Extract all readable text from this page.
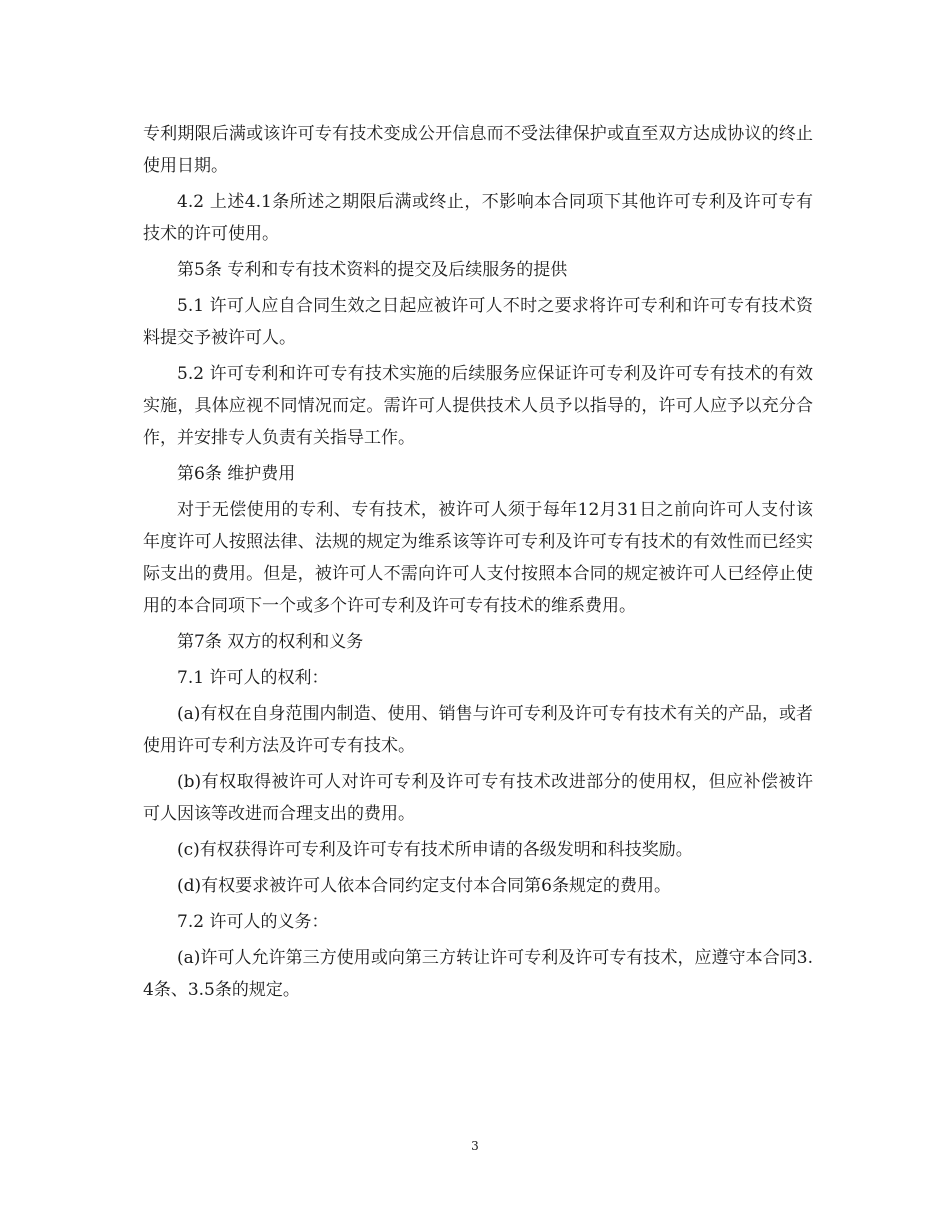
专利期限后满或该许可专有技术变成公开信息而不受法律保护或直至双方达成协议的终止使用日期。

4.2 上述4.1条所述之期限后满或终止，不影响本合同项下其他许可专利及许可专有技术的许可使用。

第5条 专利和专有技术资料的提交及后续服务的提供

5.1 许可人应自合同生效之日起应被许可人不时之要求将许可专利和许可专有技术资料提交予被许可人。

5.2 许可专利和许可专有技术实施的后续服务应保证许可专利及许可专有技术的有效实施，具体应视不同情况而定。需许可人提供技术人员予以指导的，许可人应予以充分合作，并安排专人负责有关指导工作。

第6条 维护费用

对于无偿使用的专利、专有技术，被许可人须于每年12月31日之前向许可人支付该年度许可人按照法律、法规的规定为维系该等许可专利及许可专有技术的有效性而已经实际支出的费用。但是，被许可人不需向许可人支付按照本合同的规定被许可人已经停止使用的本合同项下一个或多个许可专利及许可专有技术的维系费用。

第7条 双方的权利和义务

7.1 许可人的权利：

(a)有权在自身范围内制造、使用、销售与许可专利及许可专有技术有关的产品，或者使用许可专利方法及许可专有技术。

(b)有权取得被许可人对许可专利及许可专有技术改进部分的使用权，但应补偿被许可人因该等改进而合理支出的费用。

(c)有权获得许可专利及许可专有技术所申请的各级发明和科技奖励。

(d)有权要求被许可人依本合同约定支付本合同第6条规定的费用。

7.2 许可人的义务：

(a)许可人允许第三方使用或向第三方转让许可专利及许可专有技术，应遵守本合同3.4条、3.5条的规定。

3
